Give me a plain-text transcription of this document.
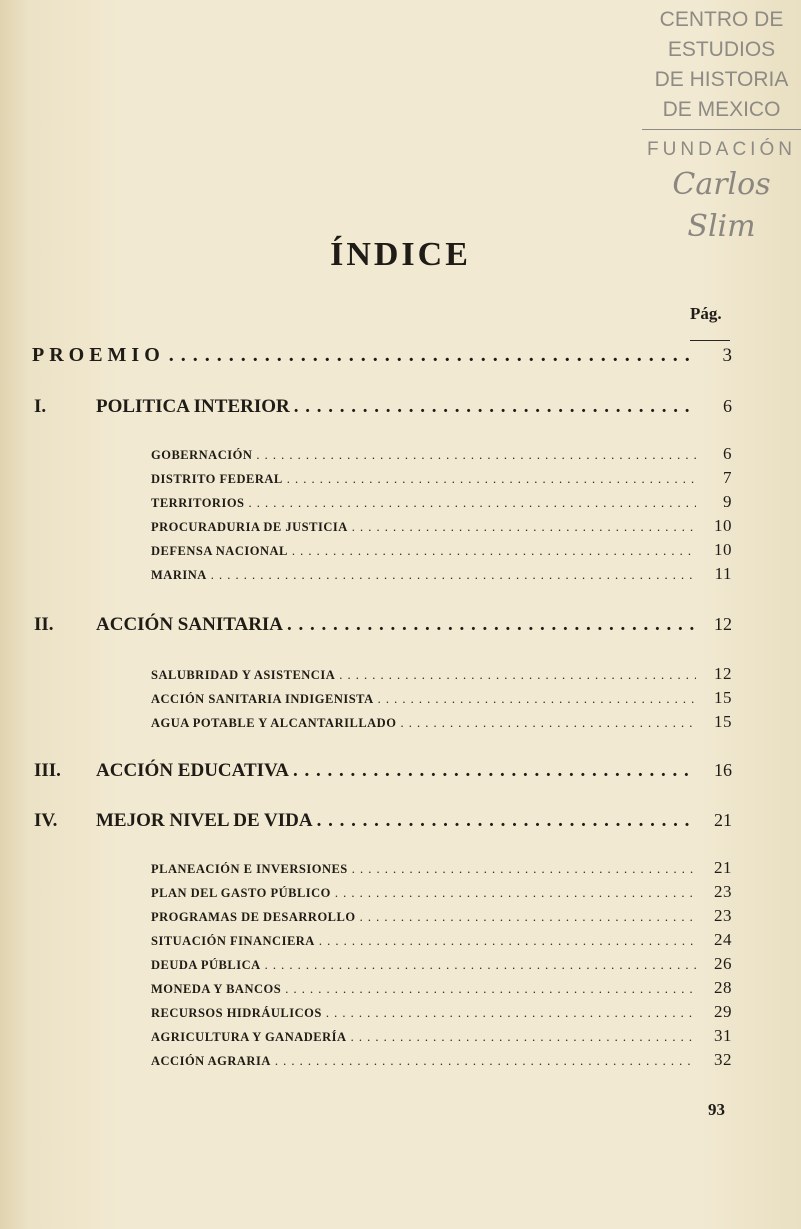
CENTRO DE
ESTUDIOS
DE HISTORIA
DE MEXICO
FUNDACIÓN
Carlos Slim
ÍNDICE
Pág.
PROEMIO . . .	3
I.	POLITICA INTERIOR . . .	6
GOBERNACIÓN . . .	6
DISTRITO FEDERAL . . .	7
TERRITORIOS . . .	9
PROCURADURIA DE JUSTICIA . . .	10
DEFENSA NACIONAL . . .	10
MARINA . . .	11
II. ACCIÓN SANITARIA . . .	12
SALUBRIDAD Y ASISTENCIA . . .	12
ACCIÓN SANITARIA INDIGENISTA . . .	15
AGUA POTABLE Y ALCANTARILLADO . . .	15
III. ACCIÓN EDUCATIVA . . .	16
IV. MEJOR NIVEL DE VIDA . . .	21
PLANEACIÓN E INVERSIONES . . .	21
PLAN DEL GASTO PÚBLICO . . .	23
PROGRAMAS DE DESARROLLO . . .	23
SITUACIÓN FINANCIERA . . .	24
DEUDA PÚBLICA . . .	26
MONEDA Y BANCOS . . .	28
RECURSOS HIDRÁULICOS . . .	29
AGRICULTURA Y GANADERÍA . . .	31
ACCIÓN AGRARIA . . .	32
93
